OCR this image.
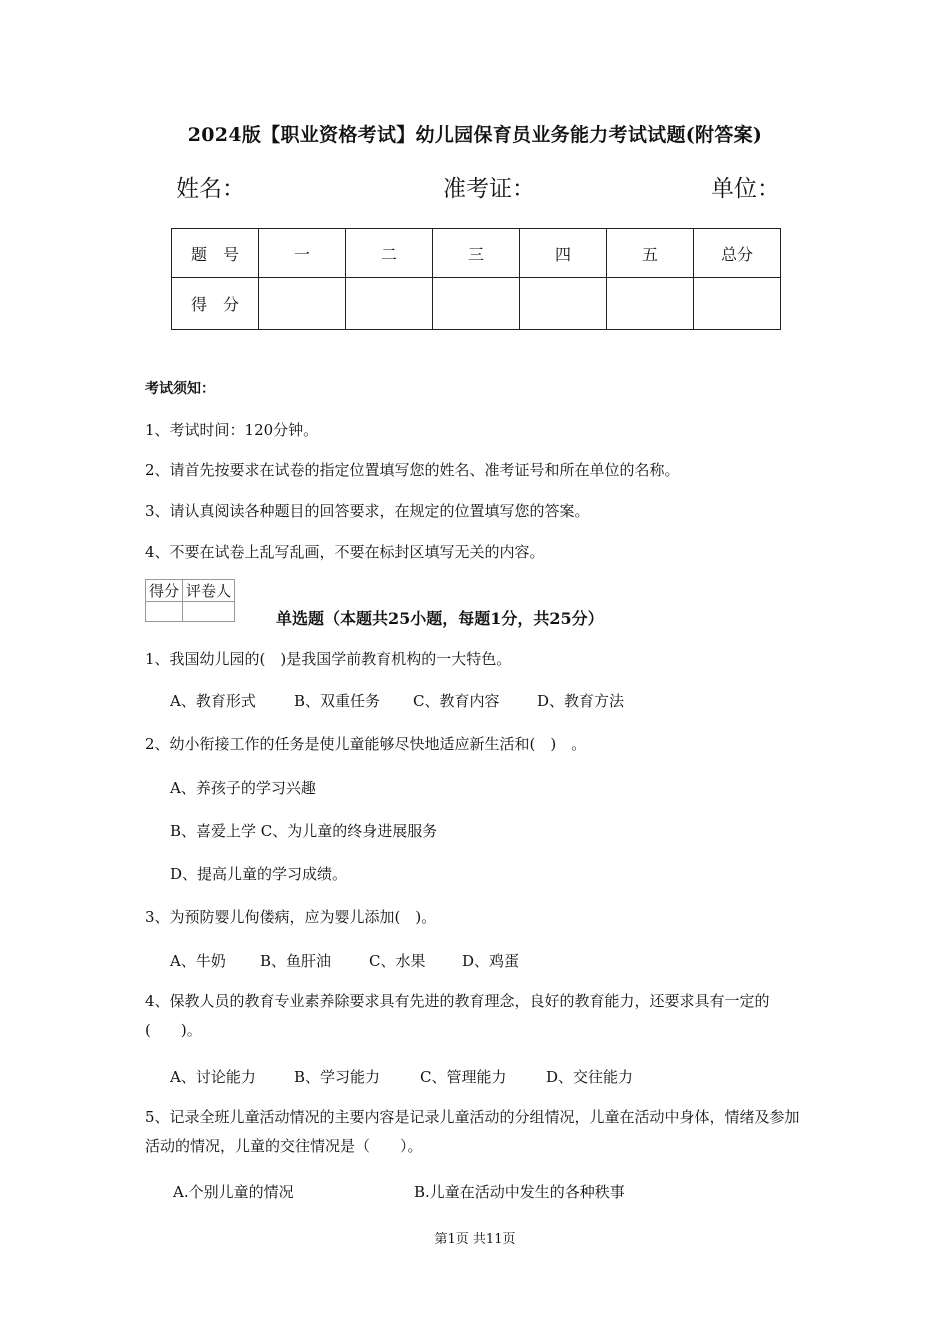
2024版【职业资格考试】幼儿园保育员业务能力考试试题(附答案)
姓名：	准考证：	单位：
题　号	一	二	三	四	五	总分
得　分						
考试须知：
1、考试时间：120分钟。
2、请首先按要求在试卷的指定位置填写您的姓名、准考证号和所在单位的名称。
3、请认真阅读各种题目的回答要求，在规定的位置填写您的答案。
4、不要在试卷上乱写乱画，不要在标封区填写无关的内容。
得分	评卷人

单选题（本题共25小题，每题1分，共25分）
1、我国幼儿园的(　)是我国学前教育机构的一大特色。
A、教育形式	B、双重任务 C、教育内容	D、教育方法
2、幼小衔接工作的任务是使儿童能够尽快地适应新生活和(　)　。
A、养孩子的学习兴趣
B、喜爱上学 C、为儿童的终身进展服务
D、提高儿童的学习成绩。
3、为预防婴儿佝偻病，应为婴儿添加(　)。
A、牛奶 B、鱼肝油	C、水果 D、鸡蛋
4、保教人员的教育专业素养除要求具有先进的教育理念，良好的教育能力，还要求具有一定的(　　)。
A、讨论能力	B、学习能力	C、管理能力	D、交往能力
5、记录全班儿童活动情况的主要内容是记录儿童活动的分组情况，儿童在活动中身体，情绪及参加活动的情况，儿童的交往情况是（　　）。
A.个别儿童的情况	B.儿童在活动中发生的各种秩事
第1页 共11页
